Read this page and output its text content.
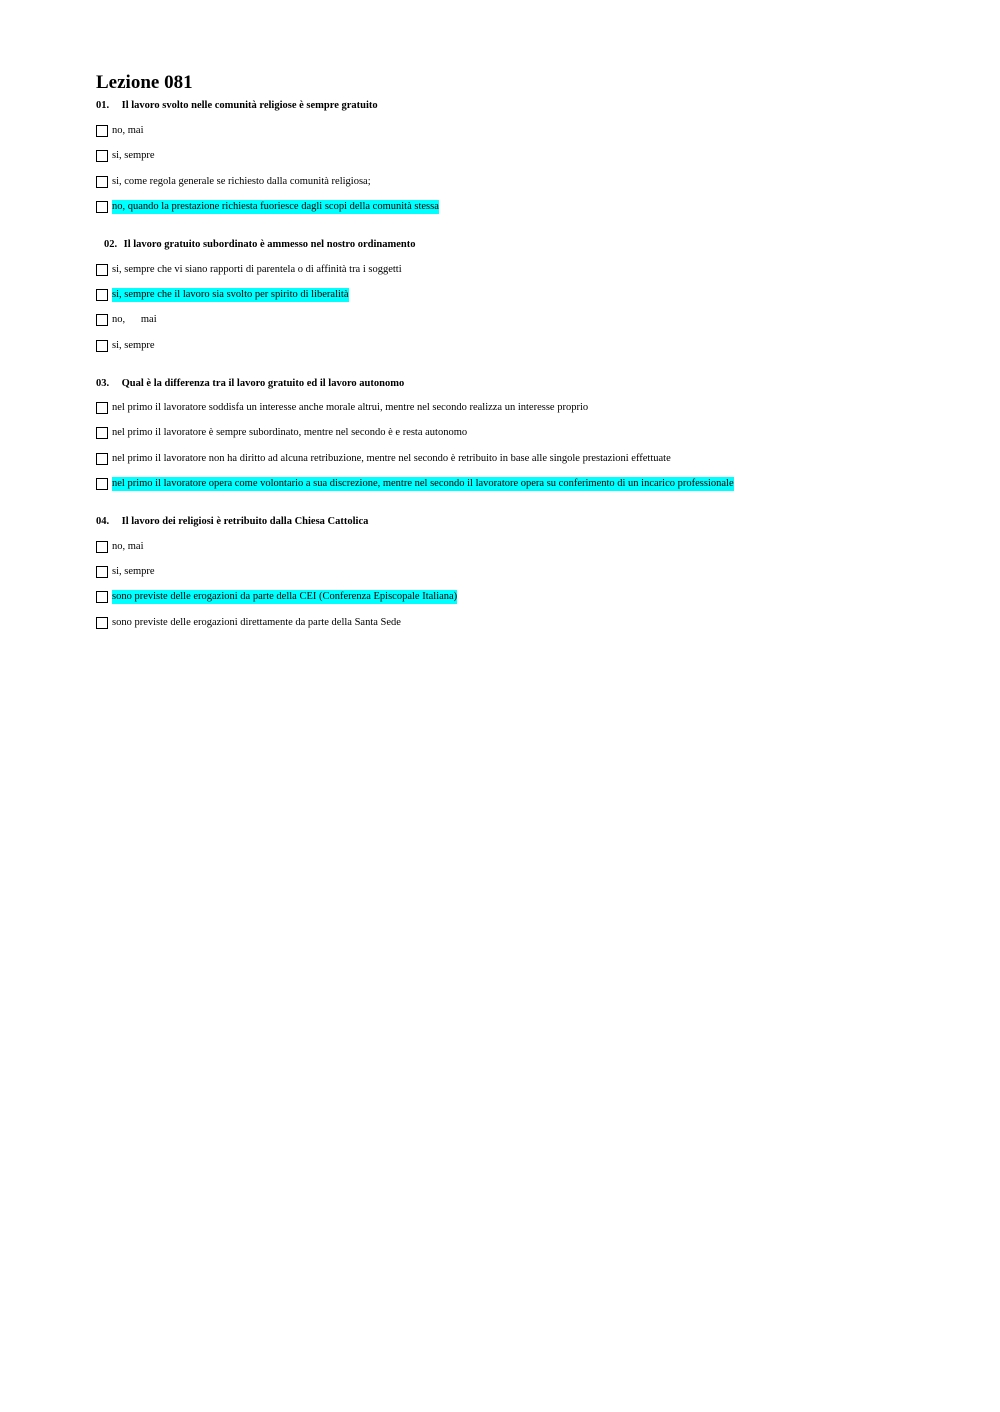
Lezione 081
01. Il lavoro svolto nelle comunità religiose è sempre gratuito
no, mai
si, sempre
si, come regola generale se richiesto dalla comunità religiosa;
no, quando la prestazione richiesta fuoriesce dagli scopi della comunità stessa
02. Il lavoro gratuito subordinato è ammesso nel nostro ordinamento
si, sempre che vi siano rapporti di parentela o di affinità tra i soggetti
si, sempre che il lavoro sia svolto per spirito di liberalità
no,      mai
si, sempre
03. Qual è la differenza tra il lavoro gratuito ed il lavoro autonomo
nel primo il lavoratore soddisfa un interesse anche morale altrui, mentre nel secondo realizza un interesse proprio
nel primo il lavoratore è sempre subordinato, mentre nel secondo è e resta autonomo
nel primo il lavoratore non ha diritto ad alcuna retribuzione, mentre nel secondo è retribuito in base alle singole prestazioni effettuate
nel primo il lavoratore opera come volontario a sua discrezione, mentre nel secondo il lavoratore opera su conferimento di un incarico professionale
04. Il lavoro dei religiosi è retribuito dalla Chiesa Cattolica
no, mai
si, sempre
sono previste delle erogazioni da parte della CEI (Conferenza Episcopale Italiana)
sono previste delle erogazioni direttamente da parte della Santa Sede
